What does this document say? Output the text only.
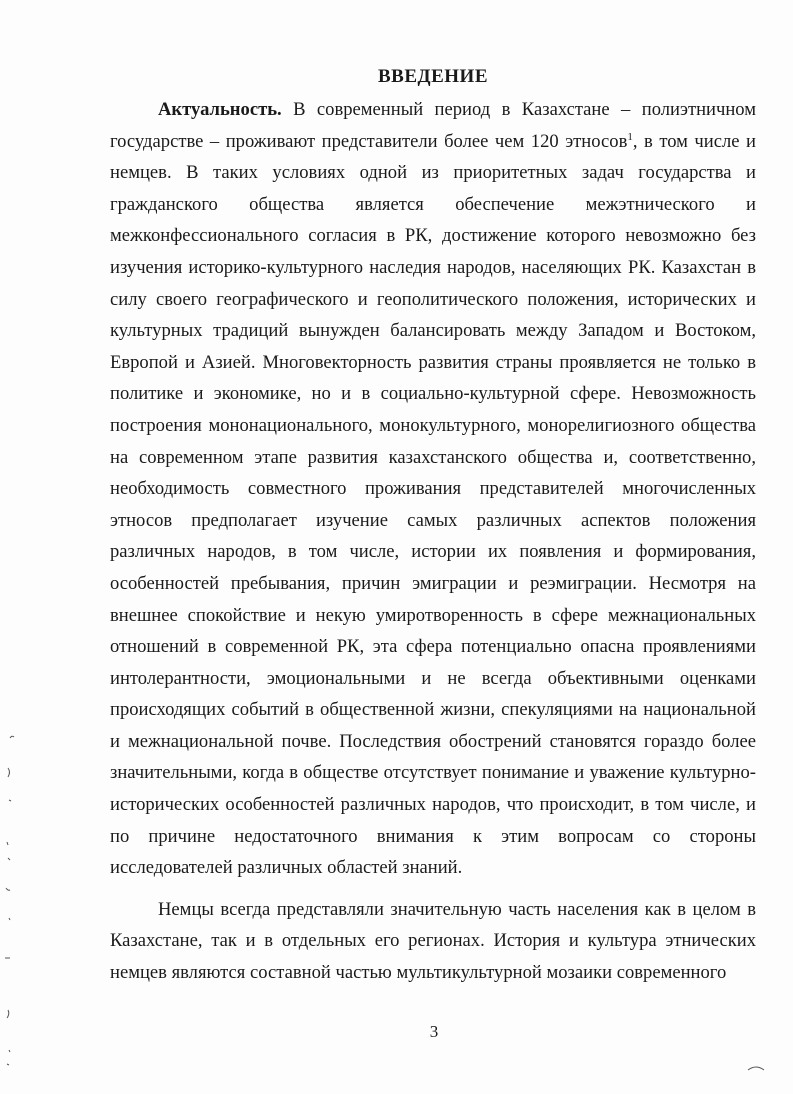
ВВЕДЕНИЕ

Актуальность. В современный период в Казахстане – полиэтничном государстве – проживают представители более чем 120 этносов$^1$, в том числе и немцев. В таких условиях одной из приоритетных задач государства и гражданского общества является обеспечение межэтнического и межконфессионального согласия в РК, достижение которого невозможно без изучения историко-культурного наследия народов, населяющих РК. Казахстан в силу своего географического и геополитического положения, исторических и культурных традиций вынужден балансировать между Западом и Востоком, Европой и Азией. Многовекторность развития страны проявляется не только в политике и экономике, но и в социально-культурной сфере. Невозможность построения мононационального, монокультурного, монорелигиозного общества на современном этапе развития казахстанского общества и, соответственно, необходимость совместного проживания представителей многочисленных этносов предполагает изучение самых различных аспектов положения различных народов, в том числе, истории их появления и формирования, особенностей пребывания, причин эмиграции и реэмиграции. Несмотря на внешнее спокойствие и некую умиротворенность в сфере межнациональных отношений в современной РК, эта сфера потенциально опасна проявлениями интолерантности, эмоциональными и не всегда объективными оценками происходящих событий в общественной жизни, спекуляциями на национальной и межнациональной почве. Последствия обострений становятся гораздо более значительными, когда в обществе отсутствует понимание и уважение культурно-исторических особенностей различных народов, что происходит, в том числе, и по причине недостаточного внимания к этим вопросам со стороны исследователей различных областей знаний.

Немцы всегда представляли значительную часть населения как в целом в Казахстане, так и в отдельных его регионах. История и культура этнических немцев являются составной частью мультикультурной мозаики современного

3
